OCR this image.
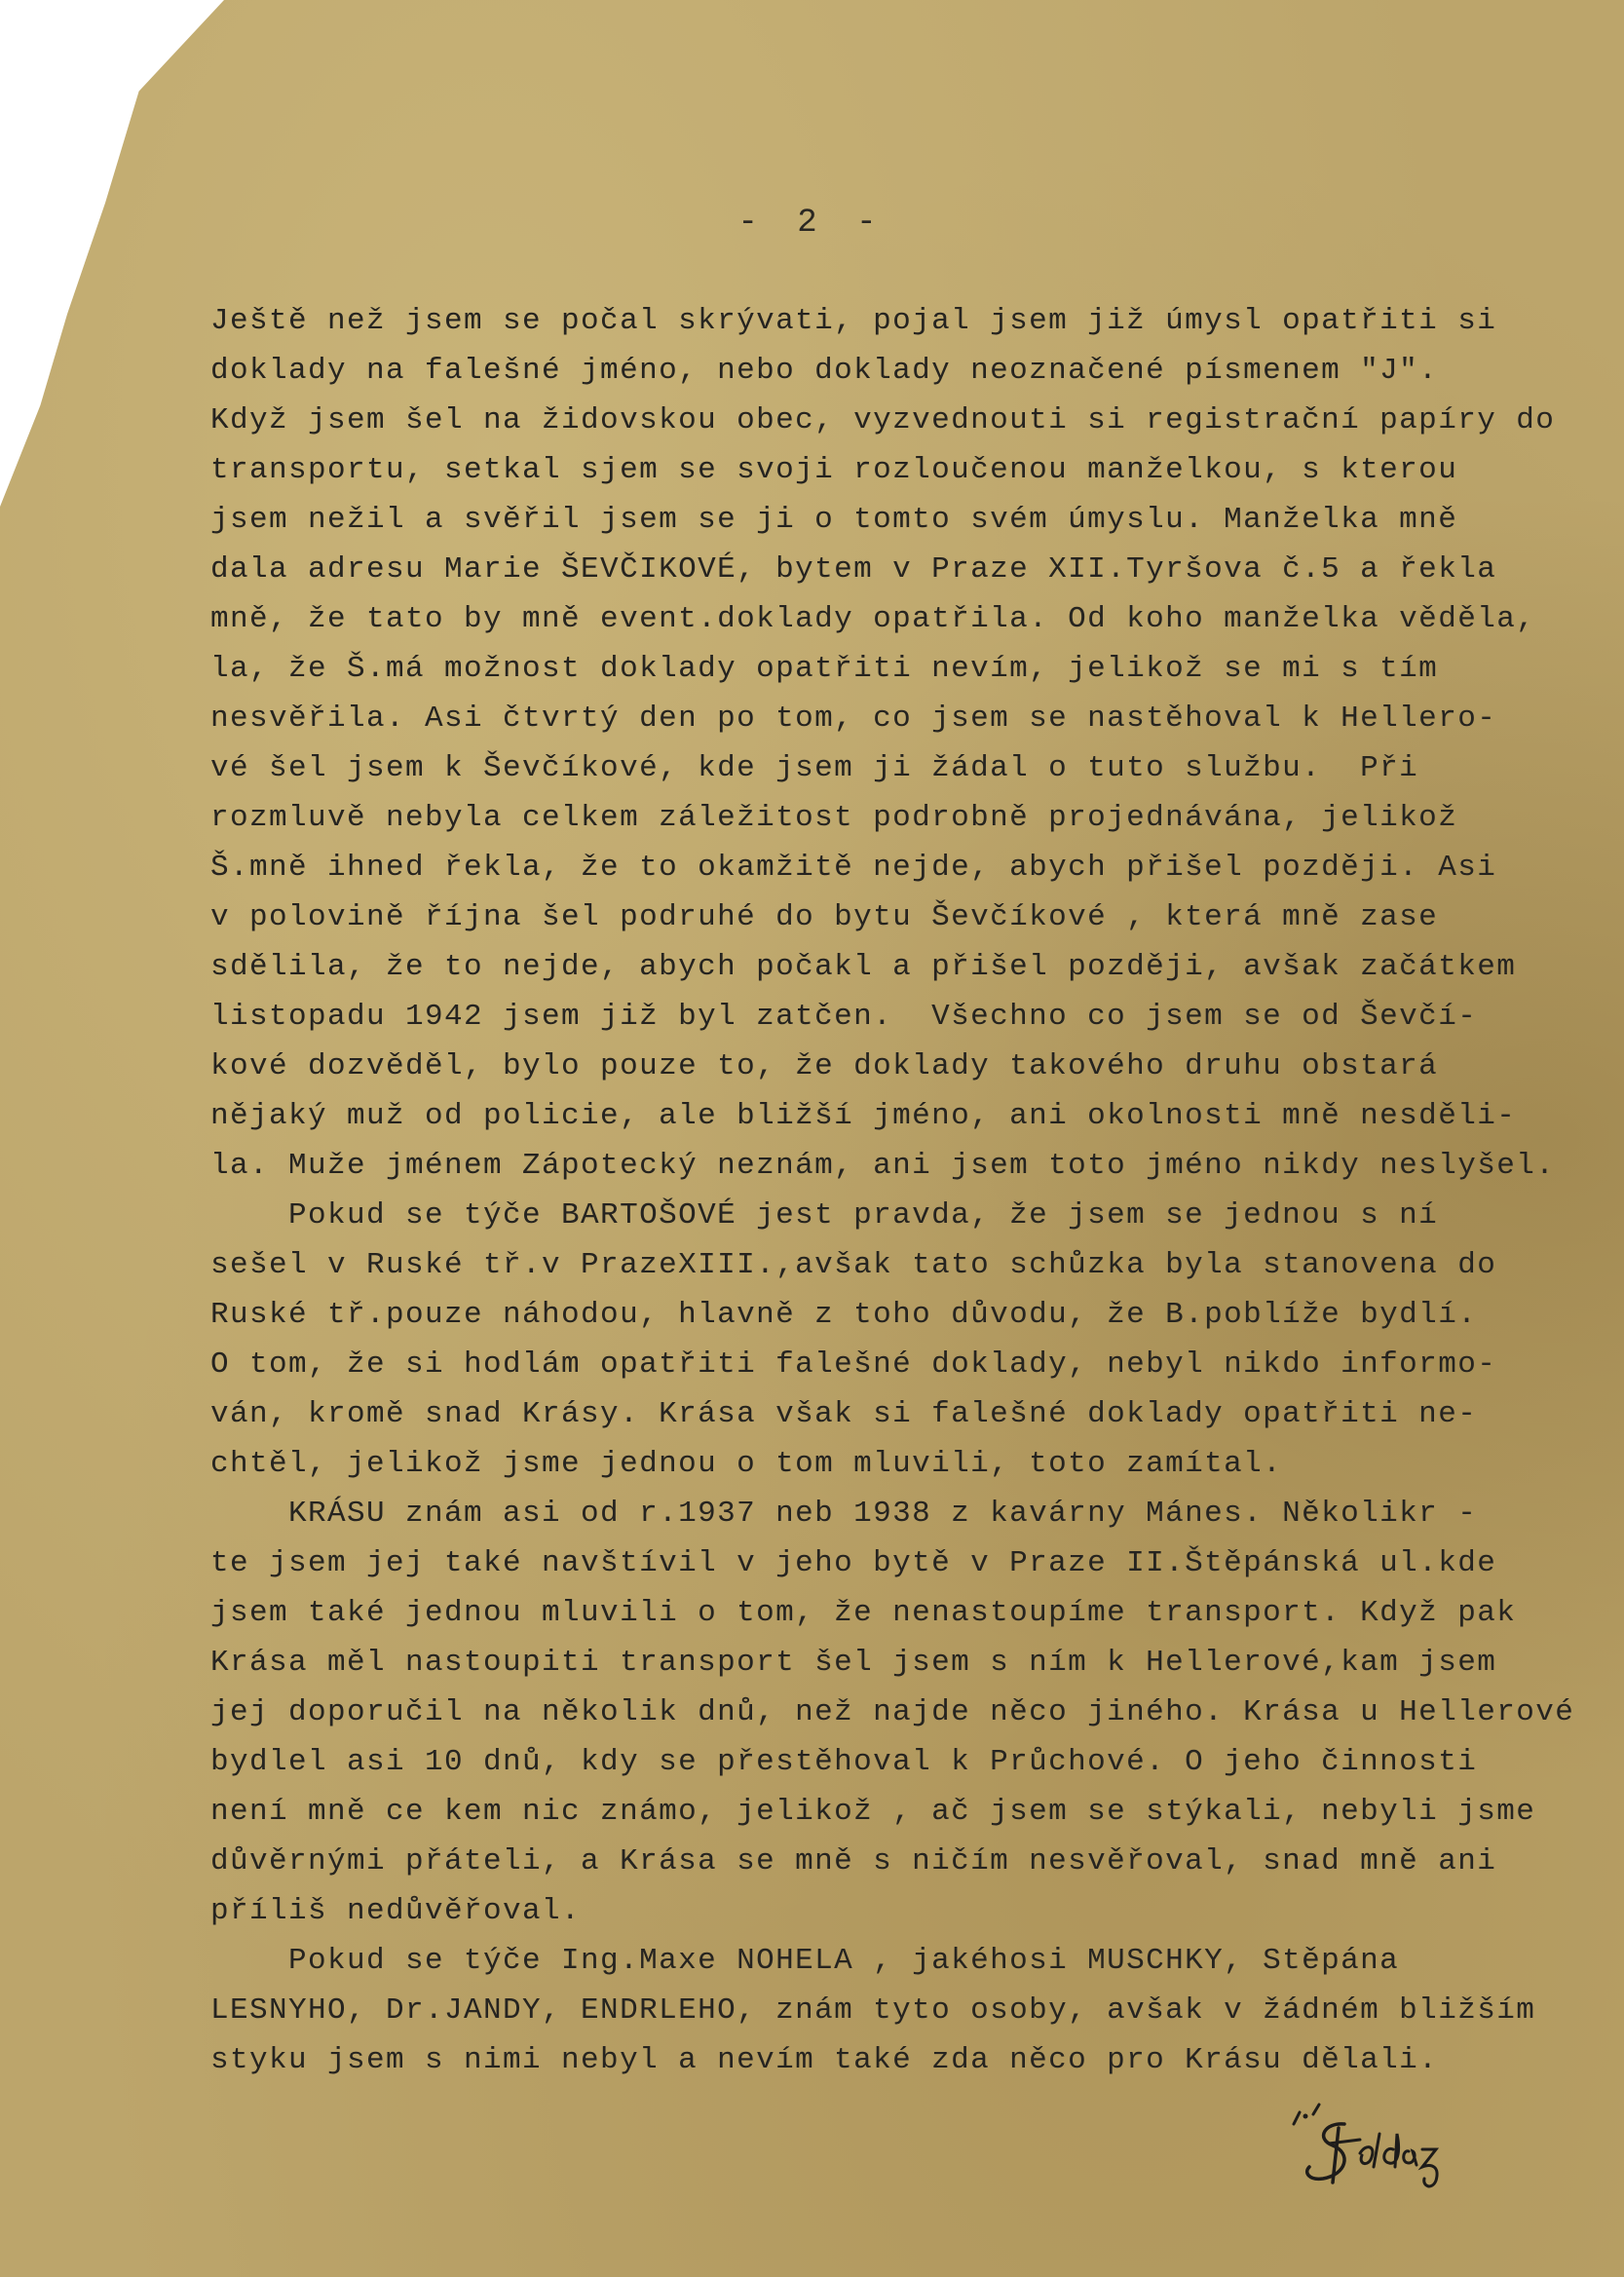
- 2 -
Ještě než jsem se počal skrývati, pojal jsem již úmysl opatřiti si
doklady na falešné jméno, nebo doklady neoznačené písmenem "J".
Když jsem šel na židovskou obec, vyzvednouti si registrační papíry do
transportu, setkal sjem se svoji rozloučenou manželkou, s kterou
jsem nežil a svěřil jsem se ji o tomto svém úmyslu. Manželka mně
dala adresu Marie ŠEVČIKOVÉ, bytem v Praze XII.Tyršova č.5 a řekla
mně, že tato by mně event.doklady opatřila. Od koho manželka věděla,
la, že Š.má možnost doklady opatřiti nevím, jelikož se mi s tím
nesvěřila. Asi čtvrtý den po tom, co jsem se nastěhoval k Hellero-
vé šel jsem k Ševčíkové, kde jsem ji žádal o tuto službu.  Při
rozmluvě nebyla celkem záležitost podrobně projednávána, jelikož
Š.mně ihned řekla, že to okamžitě nejde, abych přišel později. Asi
v polovině října šel podruhé do bytu Ševčíkové , která mně zase
sdělila, že to nejde, abych počakl a přišel později, avšak začátkem
listopadu 1942 jsem již byl zatčen.  Všechno co jsem se od Ševčí-
kové dozvěděl, bylo pouze to, že doklady takového druhu obstará
nějaký muž od policie, ale bližší jméno, ani okolnosti mně nesděli-
la. Muže jménem Zápotecký neznám, ani jsem toto jméno nikdy neslyšel.
Pokud se týče BARTOŠOVÉ jest pravda, že jsem se jednou s ní
sešel v Ruské tř.v PrazeXIII.,avšak tato schůzka byla stanovena do
Ruské tř.pouze náhodou, hlavně z toho důvodu, že B.poblíže bydlí.
O tom, že si hodlám opatřiti falešné doklady, nebyl nikdo informo-
ván, kromě snad Krásy. Krása však si falešné doklady opatřiti ne-
chtěl, jelikož jsme jednou o tom mluvili, toto zamítal.
KRÁSU znám asi od r.1937 neb 1938 z kavárny Mánes. Několikr -
te jsem jej také navštívil v jeho bytě v Praze II.Štěpánská ul.kde
jsem také jednou mluvili o tom, že nenastoupíme transport. Když pak
Krása měl nastoupiti transport šel jsem s ním k Hellerové,kam jsem
jej doporučil na několik dnů, než najde něco jiného. Krása u Hellerové
bydlel asi 10 dnů, kdy se přestěhoval k Průchové. O jeho činnosti
není mně ce kem nic známo, jelikož , ač jsem se stýkali, nebyli jsme
důvěrnými přáteli, a Krása se mně s ničím nesvěřoval, snad mně ani
příliš nedůvěřoval.
Pokud se týče Ing.Maxe NOHELA , jakéhosi MUSCHKY, Stěpána
LESNYHO, Dr.JANDY, ENDRLEHO, znám tyto osoby, avšak v žádném bližším
styku jsem s nimi nebyl a nevím také zda něco pro Krásu dělali.
